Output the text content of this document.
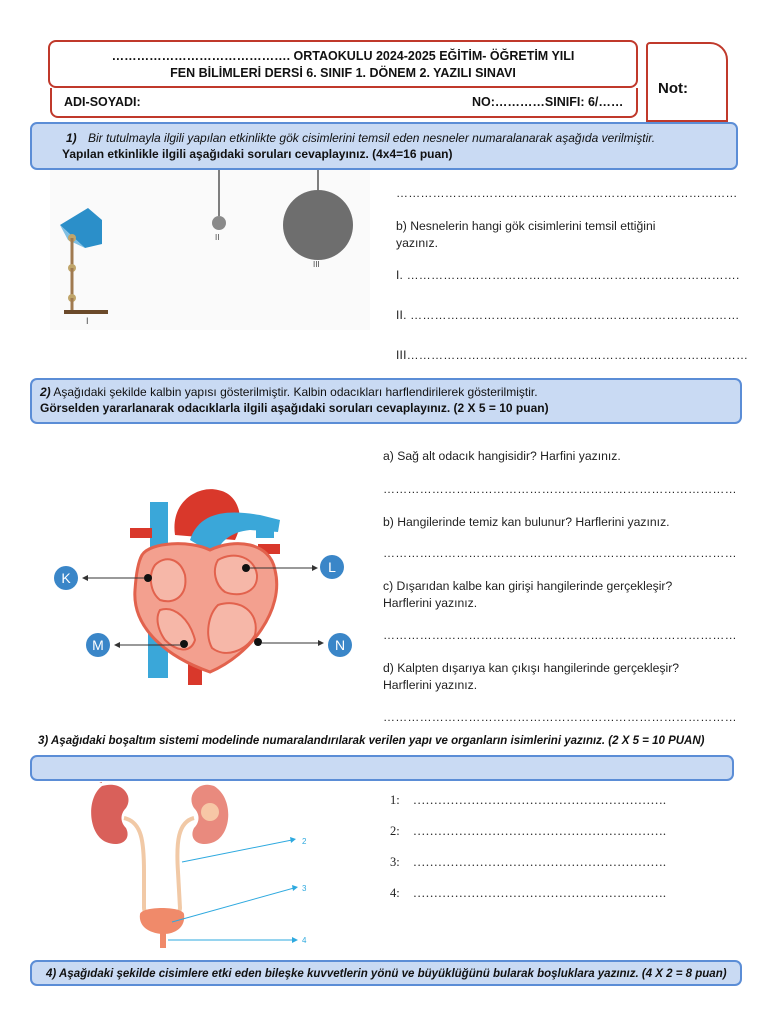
……………………………………. ORTAOKULU 2024-2025 EĞİTİM- ÖĞRETİM YILI
FEN BİLİMLERİ DERSİ 6. SINIF 1. DÖNEM 2. YAZILI SINAVI
ADI-SOYADI:	NO:…………SINIFI: 6/……
Not:
1) Bir tutulmayla ilgili yapılan etkinlikte gök cisimlerini temsil eden nesneler numaralanarak aşağıda verilmiştir.
Yapılan etkinlikle ilgili aşağıdaki soruları cevaplayınız. (4x4=16 puan)
I
II
III
…………………………………………………………………………
b) Nesnelerin hangi gök cisimlerini temsil ettiğini yazınız.
I. ……………………………………………………………………….
II. ………………………………………………………………………
III…………………………………………………………………………
2) Aşağıdaki şekilde kalbin yapısı gösterilmiştir. Kalbin odacıkları harflendirilerek gösterilmiştir.
Görselden yararlanarak odacıklarla ilgili aşağıdaki soruları cevaplayınız. (2 X 5 = 10 puan)
K
L
M	N
a) Sağ alt odacık hangisidir? Harfini yazınız.
……………………………………………………………………………
b) Hangilerinde temiz kan bulunur? Harflerini yazınız.
……………………………………………………………………………
c) Dışarıdan kalbe kan girişi hangilerinde gerçekleşir? Harflerini yazınız.
……………………………………………………………………………
d) Kalpten dışarıya kan çıkışı hangilerinde gerçekleşir? Harflerini yazınız.
……………………………………………………………………………
3) Aşağıdaki boşaltım sistemi modelinde numaralandırılarak verilen yapı ve organların isimlerini yazınız. (2 X 5 = 10 PUAN)
2
3
4
1: …………………………………………………….
2: …………………………………………………….
3: …………………………………………………….
4: …………………………………………………….
4) Aşağıdaki şekilde cisimlere etki eden bileşke kuvvetlerin yönü ve büyüklüğünü bularak boşluklara yazınız. (4 X 2 = 8 puan)
